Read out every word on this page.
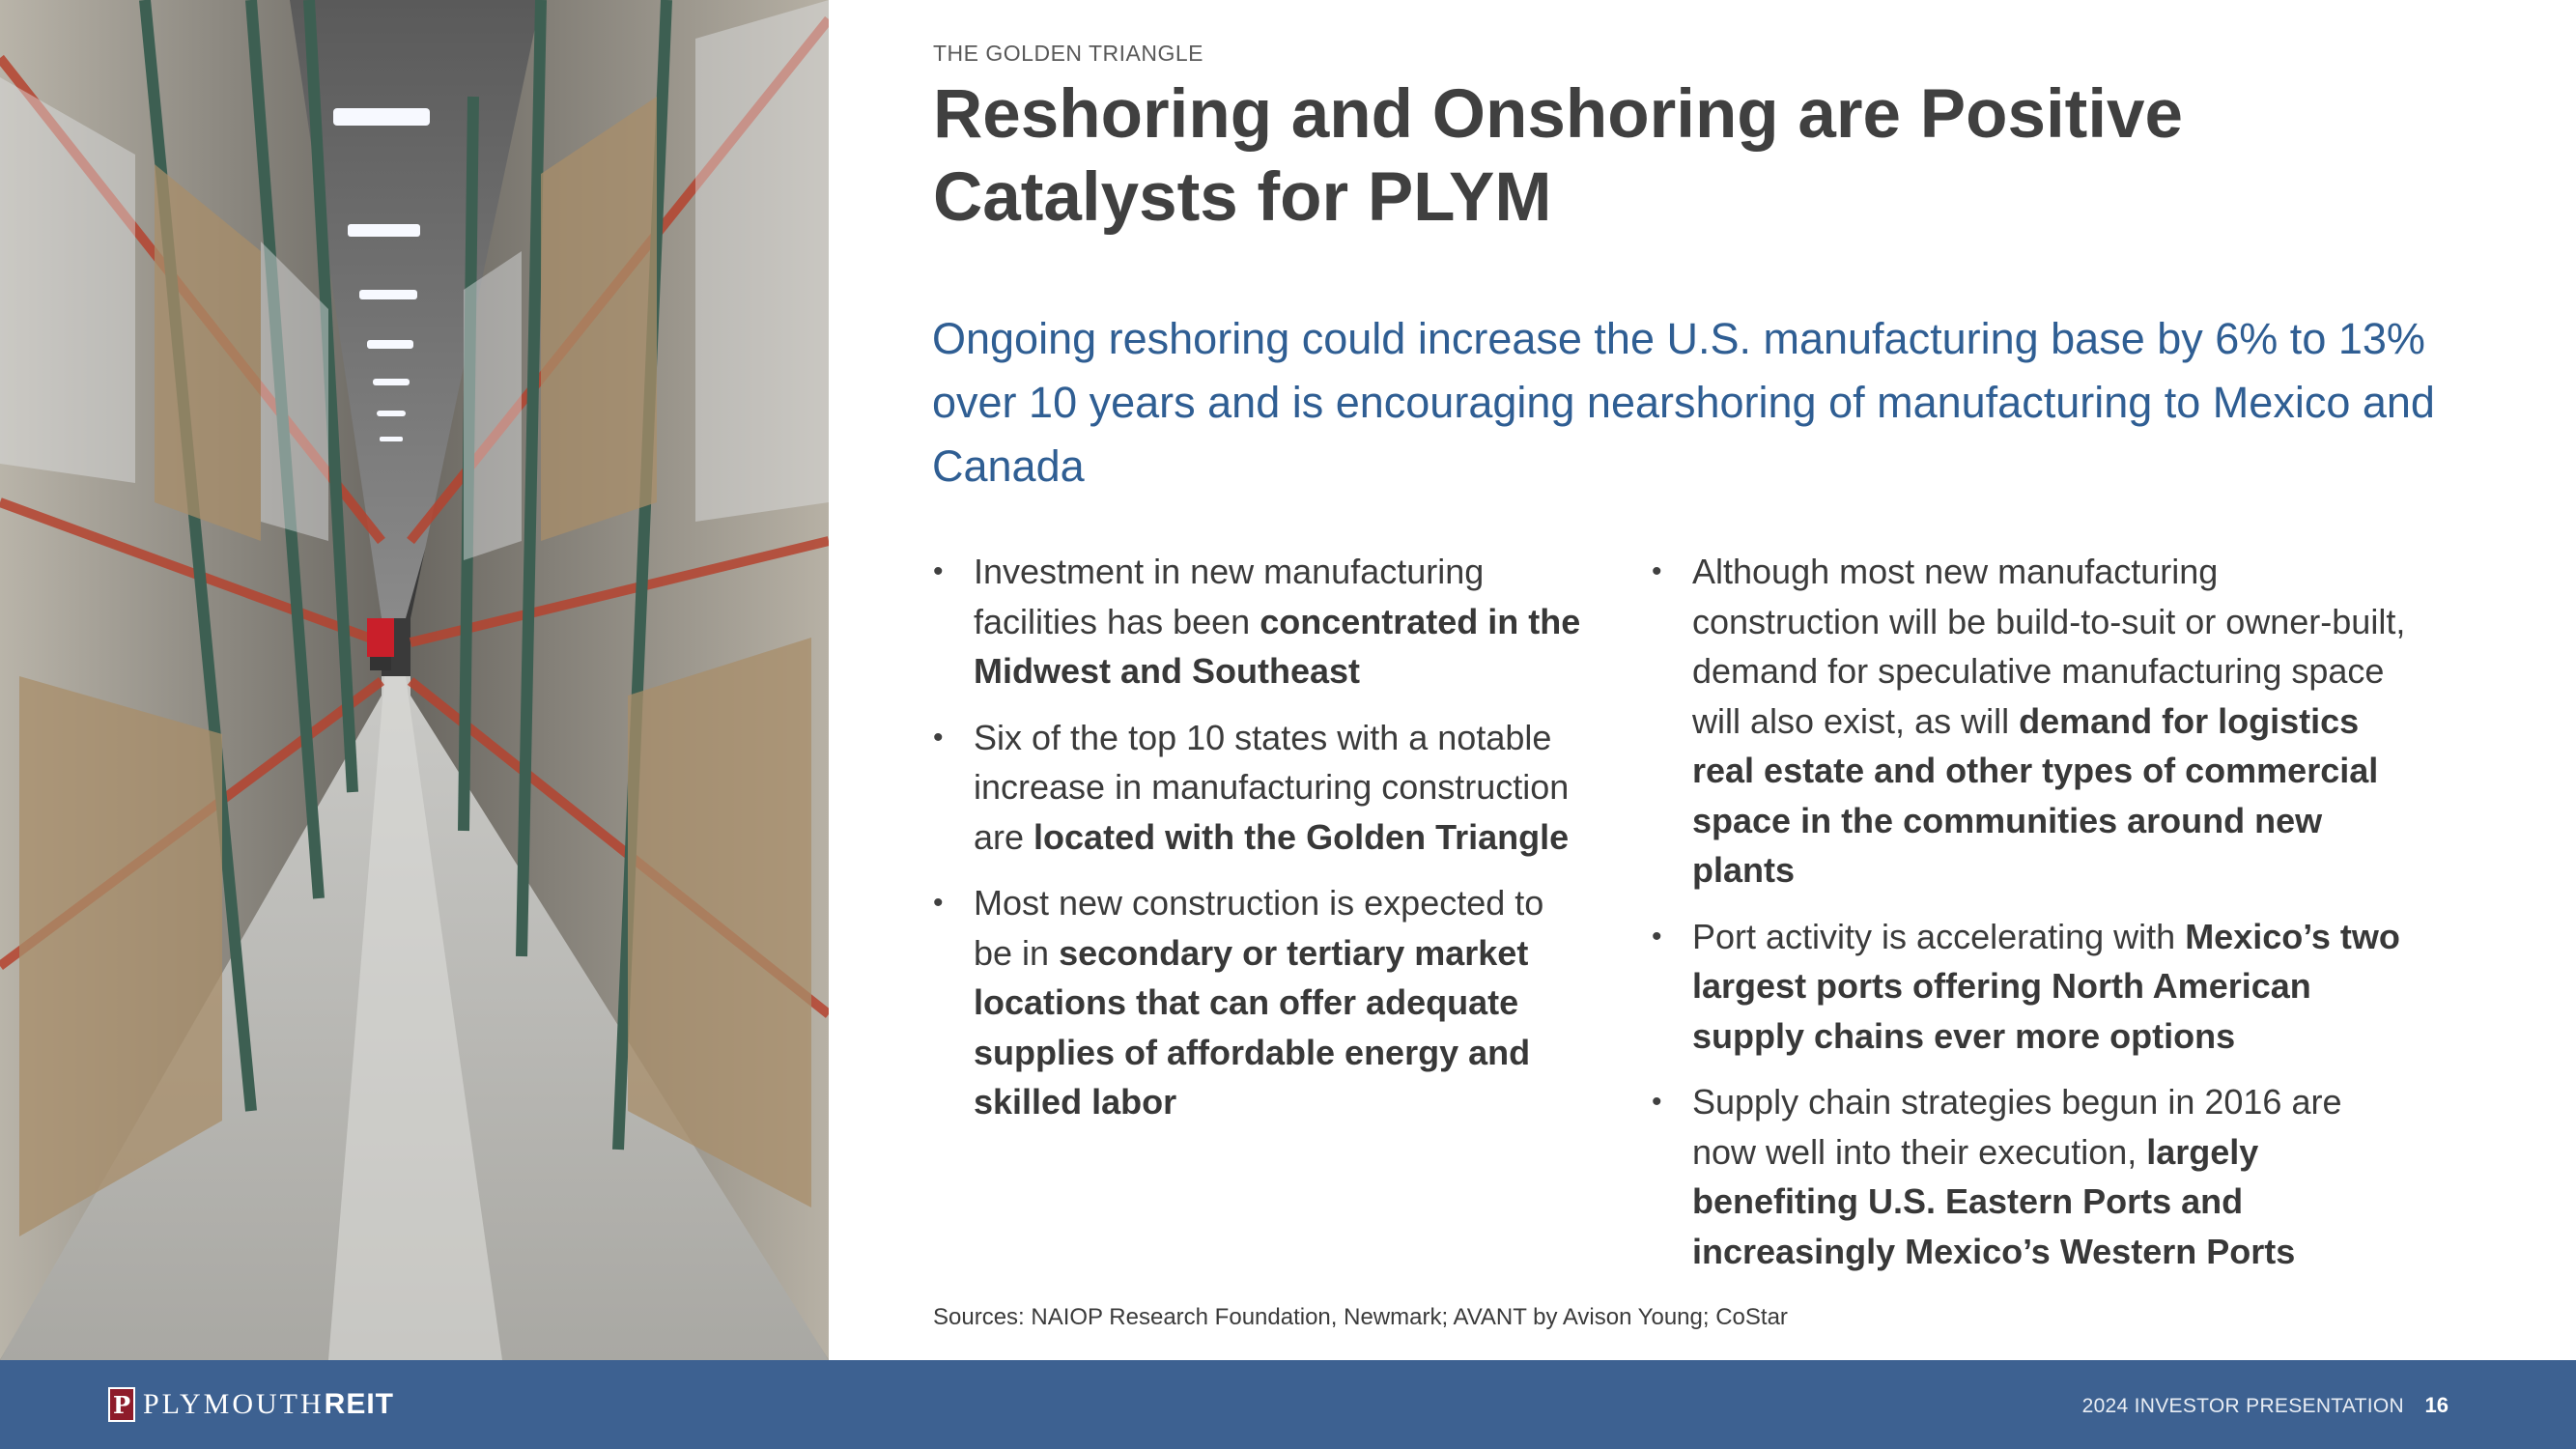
THE GOLDEN TRIANGLE
Reshoring and Onshoring are Positive Catalysts for PLYM

Ongoing reshoring could increase the U.S. manufacturing base by 6% to 13% over 10 years and is encouraging nearshoring of manufacturing to Mexico and Canada

• Investment in new manufacturing facilities has been concentrated in the Midwest and Southeast
• Six of the top 10 states with a notable increase in manufacturing construction are located with the Golden Triangle
• Most new construction is expected to be in secondary or tertiary market locations that can offer adequate supplies of affordable energy and skilled labor
• Although most new manufacturing construction will be build-to-suit or owner-built, demand for speculative manufacturing space will also exist, as will demand for logistics real estate and other types of commercial space in the communities around new plants
• Port activity is accelerating with Mexico’s two largest ports offering North American supply chains ever more options
• Supply chain strategies begun in 2016 are now well into their execution, largely benefiting U.S. Eastern Ports and increasingly Mexico’s Western Ports
Sources: NAIOP Research Foundation, Newmark; AVANT by Avison Young; CoStar
P PLYMOUTHREIT	2024 INVESTOR PRESENTATION 16
